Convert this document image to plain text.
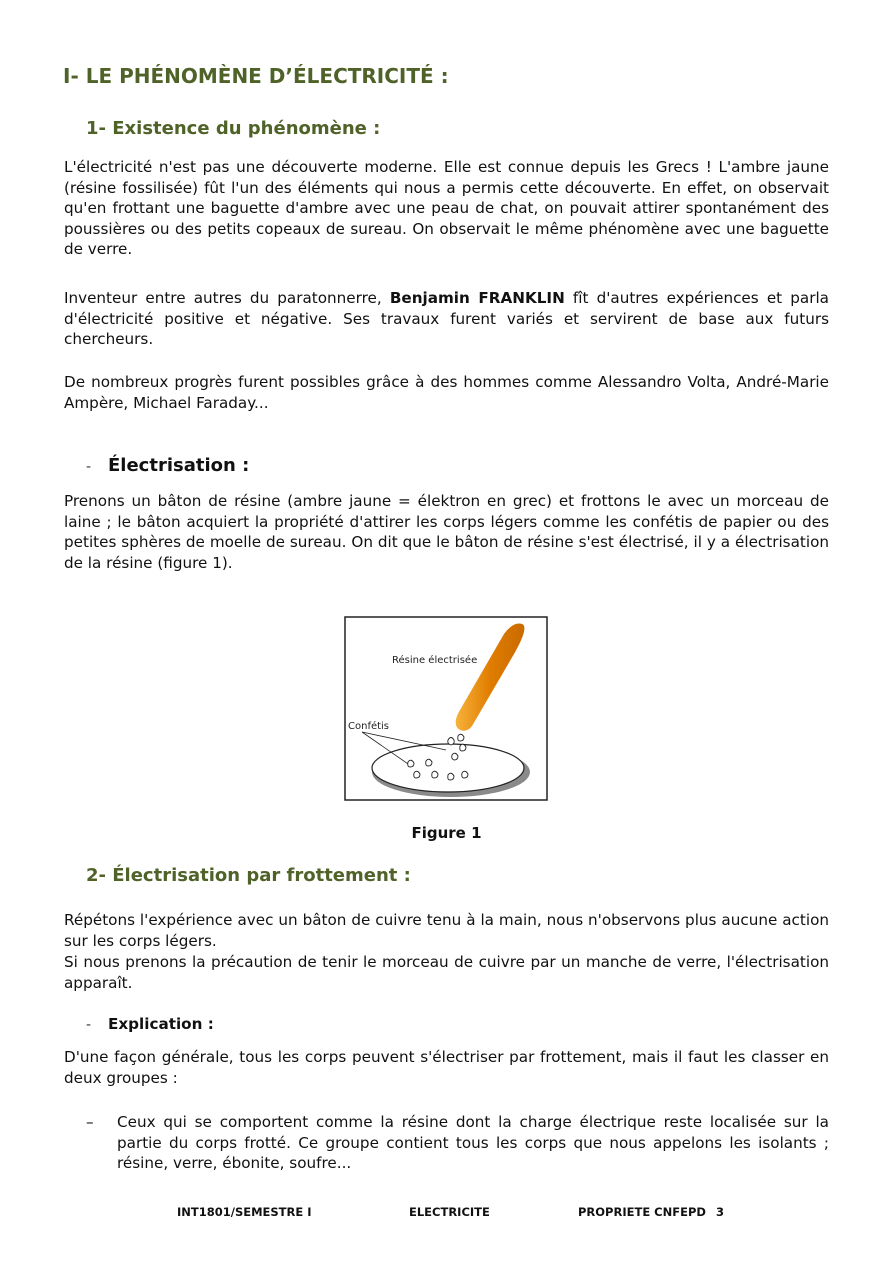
I- LE PHÉNOMÈNE D’ÉLECTRICITÉ :
1- Existence du phénomène :

L'électricité n'est pas une découverte moderne. Elle est connue depuis les Grecs ! L'ambre jaune (résine fossilisée) fût l'un des éléments qui nous a permis cette découverte. En effet, on observait qu'en frottant une baguette d'ambre avec une peau de chat, on pouvait attirer spontanément des poussières ou des petits copeaux de sureau. On observait le même phénomène avec une baguette de verre.

Inventeur entre autres du paratonnerre, Benjamin FRANKLIN fît d'autres expériences et parla d'électricité positive et négative. Ses travaux furent variés et servirent de base aux futurs chercheurs.

De nombreux progrès furent possibles grâce à des hommes comme Alessandro Volta, André-Marie Ampère, Michael Faraday...

- Électrisation :

Prenons un bâton de résine (ambre jaune = élektron en grec) et frottons le avec un morceau de laine ; le bâton acquiert la propriété d'attirer les corps légers comme les confétis de papier ou des petites sphères de moelle de sureau. On dit que le bâton de résine s'est électrisé, il y a électrisation de la résine (figure 1).

Résine électrisée
Confétis

Figure 1

2- Électrisation par frottement :

Répétons l'expérience avec un bâton de cuivre tenu à la main, nous n'observons plus aucune action sur les corps légers.

Si nous prenons la précaution de tenir le morceau de cuivre par un manche de verre, l'électrisation apparaît.

- Explication :

D'une façon générale, tous les corps peuvent s'électriser par frottement, mais il faut les classer en deux groupes :

– Ceux qui se comportent comme la résine dont la charge électrique reste localisée sur la partie du corps frotté. Ce groupe contient tous les corps que nous appelons les isolants ; résine, verre, ébonite, soufre...
INT1801/SEMESTRE I	ELECTRICITE	PROPRIETE CNFEPD 3
